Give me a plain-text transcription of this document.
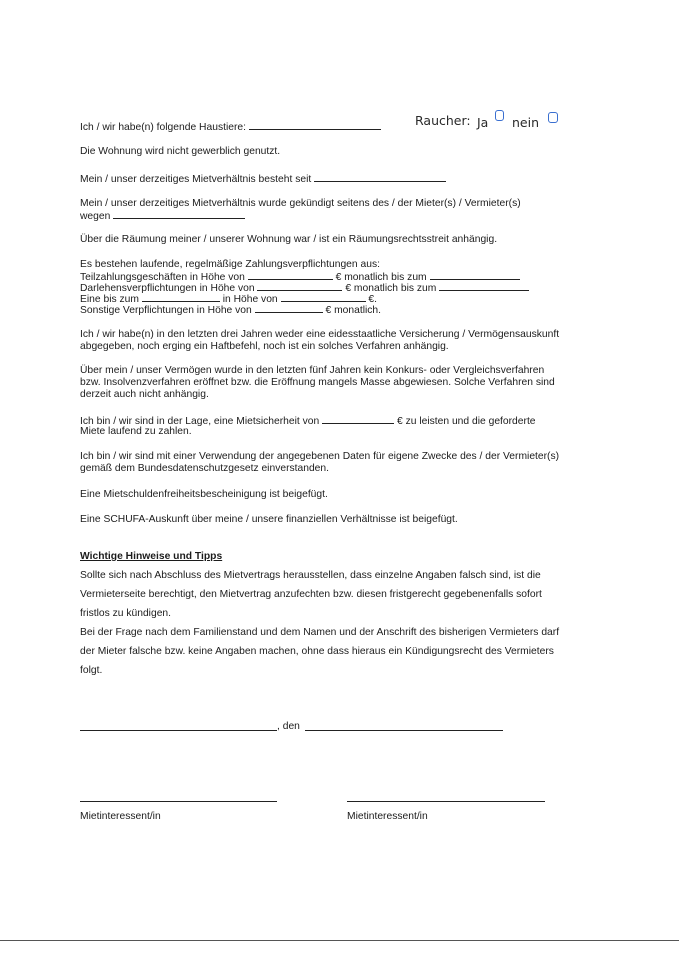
Ich / wir habe(n) folgende Haustiere:	Raucher: Ja nein
Die Wohnung wird nicht gewerblich genutzt.
Mein / unser derzeitiges Mietverhältnis besteht seit
Mein / unser derzeitiges Mietverhältnis wurde gekündigt seitens des / der Mieter(s) / Vermieter(s)
wegen
Über die Räumung meiner / unserer Wohnung war / ist ein Räumungsrechtsstreit anhängig.
Es bestehen laufende, regelmäßige Zahlungsverpflichtungen aus:
Teilzahlungsgeschäften in Höhe von	€ monatlich bis zum
Darlehensverpflichtungen in Höhe von	€ monatlich bis zum
Eine bis zum	in Höhe von	€.
Sonstige Verpflichtungen in Höhe von	€ monatlich.
Ich / wir habe(n) in den letzten drei Jahren weder eine eidesstaatliche Versicherung / Vermögensauskunft
abgegeben, noch erging ein Haftbefehl, noch ist ein solches Verfahren anhängig.
Über mein / unser Vermögen wurde in den letzten fünf Jahren kein Konkurs- oder Vergleichsverfahren
bzw. Insolvenzverfahren eröffnet bzw. die Eröffnung mangels Masse abgewiesen. Solche Verfahren sind
derzeit auch nicht anhängig.
Ich bin / wir sind in der Lage, eine Mietsicherheit von	€ zu leisten und die geforderte
Miete laufend zu zahlen.
Ich bin / wir sind mit einer Verwendung der angegebenen Daten für eigene Zwecke des / der Vermieter(s)
gemäß dem Bundesdatenschutzgesetz einverstanden.
Eine Mietschuldenfreiheitsbescheinigung ist beigefügt.
Eine SCHUFA-Auskunft über meine / unsere finanziellen Verhältnisse ist beigefügt.
Wichtige Hinweise und Tipps
Sollte sich nach Abschluss des Mietvertrags herausstellen, dass einzelne Angaben falsch sind, ist die
Vermieterseite berechtigt, den Mietvertrag anzufechten bzw. diesen fristgerecht gegebenenfalls sofort
fristlos zu kündigen.
Bei der Frage nach dem Familienstand und dem Namen und der Anschrift des bisherigen Vermieters darf
der Mieter falsche bzw. keine Angaben machen, ohne dass hieraus ein Kündigungsrecht des Vermieters
folgt.
, den
Mietinteressent/in	Mietinteressent/in
